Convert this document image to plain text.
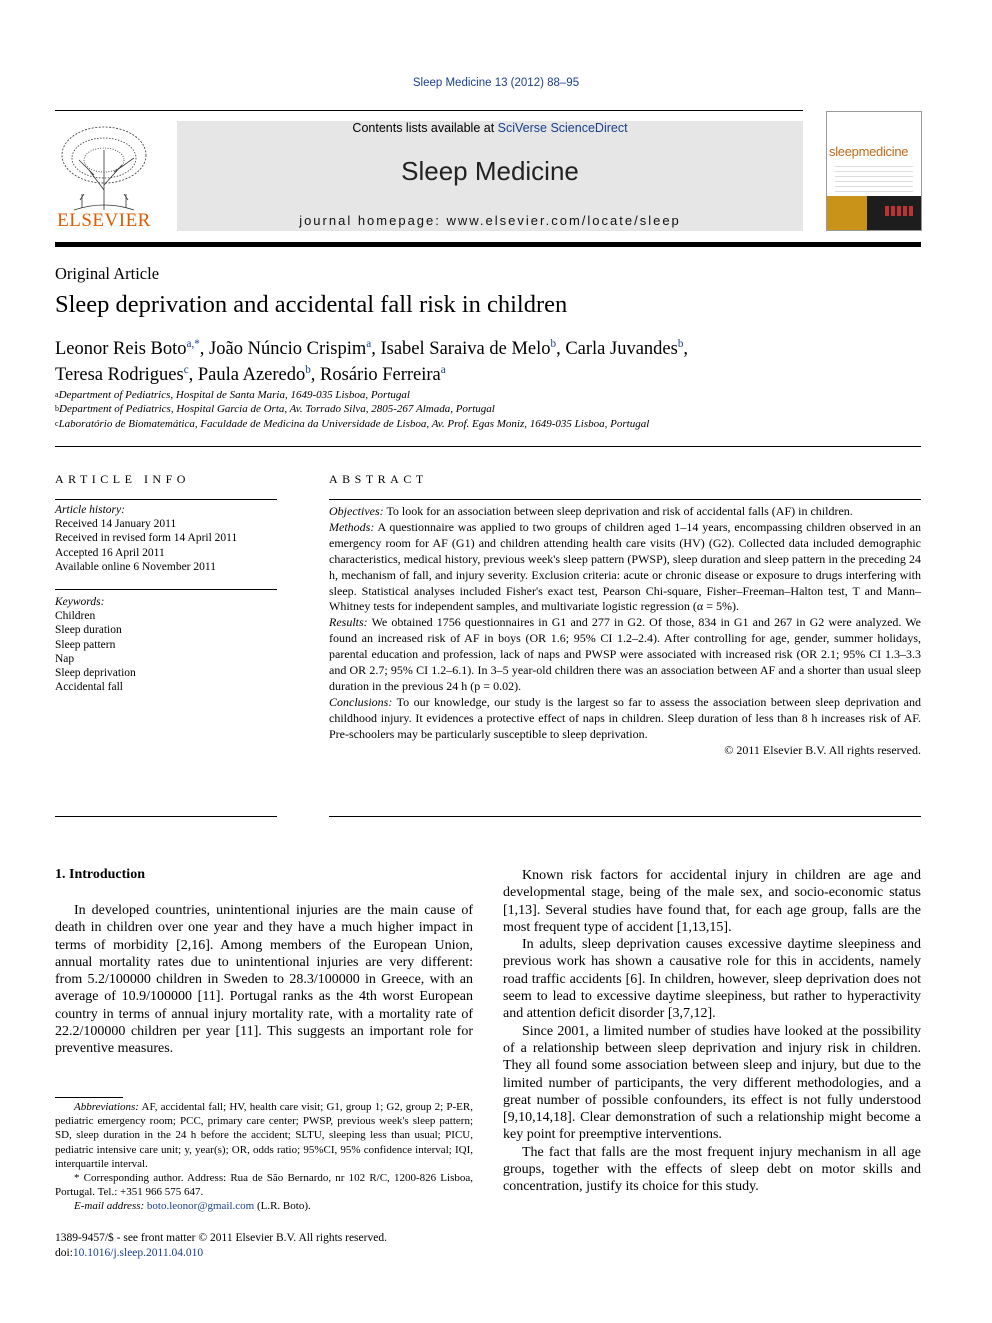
Sleep Medicine 13 (2012) 88–95
ELSEVIER
Contents lists available at SciVerse ScienceDirect
Sleep Medicine
journal homepage: www.elsevier.com/locate/sleep
sleepmedicine
Original Article
Sleep deprivation and accidental fall risk in children
Leonor Reis Boto$^{a,*}$, João Núncio Crispim$^a$, Isabel Saraiva de Melo$^b$, Carla Juvandes$^b$,
Teresa Rodrigues$^c$, Paula Azeredo$^b$, Rosário Ferreira$^a$
$^a$Department of Pediatrics, Hospital de Santa Maria, 1649-035 Lisboa, Portugal
$^b$Department of Pediatrics, Hospital Garcia de Orta, Av. Torrado Silva, 2805-267 Almada, Portugal
$^c$Laboratório de Biomatemática, Faculdade de Medicina da Universidade de Lisboa, Av. Prof. Egas Moniz, 1649-035 Lisboa, Portugal
ARTICLE INFO
Article history:
Received 14 January 2011
Received in revised form 14 April 2011
Accepted 16 April 2011
Available online 6 November 2011
Keywords:
Children
Sleep duration
Sleep pattern
Nap
Sleep deprivation
Accidental fall
ABSTRACT

Objectives: To look for an association between sleep deprivation and risk of accidental falls (AF) in children.

Methods: A questionnaire was applied to two groups of children aged 1–14 years, encompassing children observed in an emergency room for AF (G1) and children attending health care visits (HV) (G2). Collected data included demographic characteristics, medical history, previous week's sleep pattern (PWSP), sleep duration and sleep pattern in the preceding 24 h, mechanism of fall, and injury severity. Exclusion criteria: acute or chronic disease or exposure to drugs interfering with sleep. Statistical analyses included Fisher's exact test, Pearson Chi-square, Fisher–Freeman–Halton test, T and Mann–Whitney tests for independent samples, and multivariate logistic regression (α = 5%).

Results: We obtained 1756 questionnaires in G1 and 277 in G2. Of those, 834 in G1 and 267 in G2 were analyzed. We found an increased risk of AF in boys (OR 1.6; 95% CI 1.2–2.4). After controlling for age, gender, summer holidays, parental education and profession, lack of naps and PWSP were associated with increased risk (OR 2.1; 95% CI 1.3–3.3 and OR 2.7; 95% CI 1.2–6.1). In 3–5 year-old children there was an association between AF and a shorter than usual sleep duration in the previous 24 h (p = 0.02).

Conclusions: To our knowledge, our study is the largest so far to assess the association between sleep deprivation and childhood injury. It evidences a protective effect of naps in children. Sleep duration of less than 8 h increases risk of AF. Pre-schoolers may be particularly susceptible to sleep deprivation.

© 2011 Elsevier B.V. All rights reserved.

1. Introduction

In developed countries, unintentional injuries are the main cause of death in children over one year and they have a much higher impact in terms of morbidity [2,16]. Among members of the European Union, annual mortality rates due to unintentional injuries are very different: from 5.2/100000 children in Sweden to 28.3/100000 in Greece, with an average of 10.9/100000 [11]. Portugal ranks as the 4th worst European country in terms of annual injury mortality rate, with a mortality rate of 22.2/100000 children per year [11]. This suggests an important role for preventive measures.

Known risk factors for accidental injury in children are age and developmental stage, being of the male sex, and socio-economic status [1,13]. Several studies have found that, for each age group, falls are the most frequent type of accident [1,13,15].

In adults, sleep deprivation causes excessive daytime sleepiness and previous work has shown a causative role for this in accidents, namely road traffic accidents [6]. In children, however, sleep deprivation does not seem to lead to excessive daytime sleepiness, but rather to hyperactivity and attention deficit disorder [3,7,12].

Since 2001, a limited number of studies have looked at the possibility of a relationship between sleep deprivation and injury risk in children. They all found some association between sleep and injury, but due to the limited number of participants, the very different methodologies, and a great number of possible confounders, its effect is not fully understood [9,10,14,18]. Clear demonstration of such a relationship might become a key point for preemptive interventions.

The fact that falls are the most frequent injury mechanism in all age groups, together with the effects of sleep debt on motor skills and concentration, justify its choice for this study.

Abbreviations: AF, accidental fall; HV, health care visit; G1, group 1; G2, group 2; P-ER, pediatric emergency room; PCC, primary care center; PWSP, previous week's sleep pattern; SD, sleep duration in the 24 h before the accident; SLTU, sleeping less than usual; PICU, pediatric intensive care unit; y, year(s); OR, odds ratio; 95%CI, 95% confidence interval; IQI, interquartile interval.

* Corresponding author. Address: Rua de São Bernardo, nr 102 R/C, 1200-826 Lisboa, Portugal. Tel.: +351 966 575 647.

E-mail address: boto.leonor@gmail.com (L.R. Boto).

1389-9457/$ - see front matter © 2011 Elsevier B.V. All rights reserved.
doi:10.1016/j.sleep.2011.04.010
